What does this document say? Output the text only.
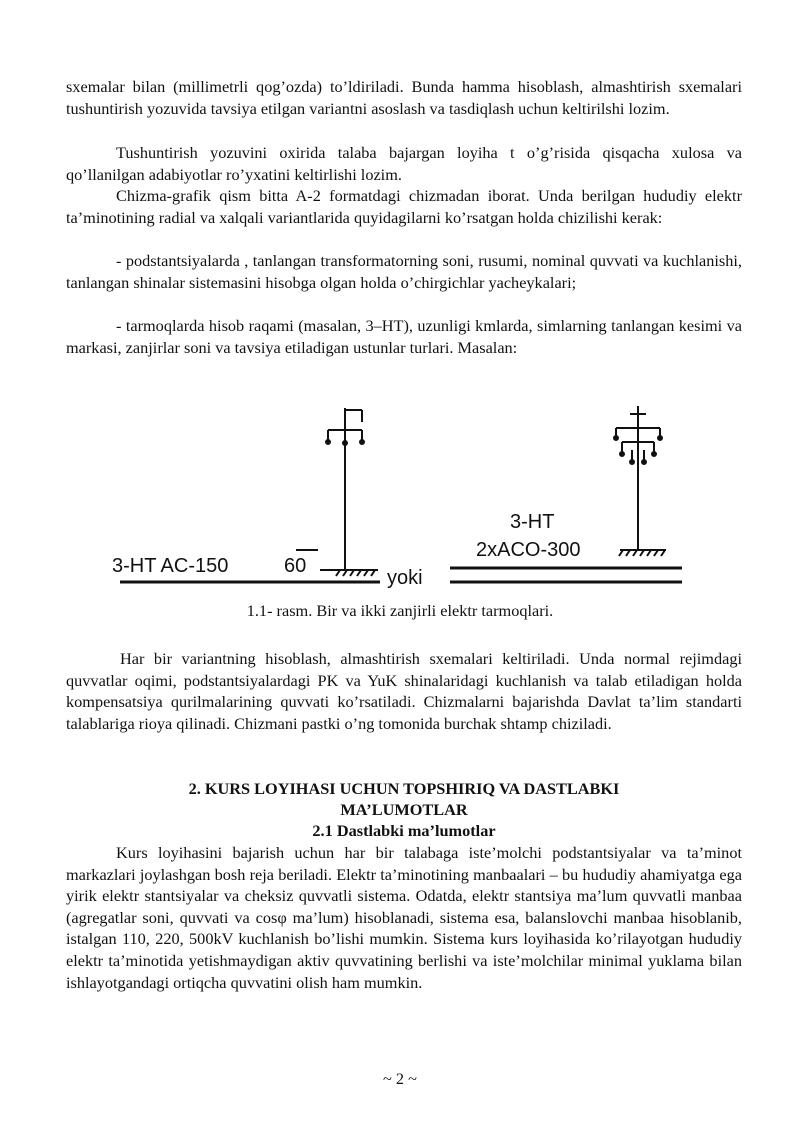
sxemalar bilan (millimetrli qog’ozda) to’ldiriladi. Bunda hamma hisoblash, almashtirish sxemalari tushuntirish yozuvida tavsiya etilgan variantni asoslash va tasdiqlash uchun keltirilshi lozim.

Tushuntirish yozuvini oxirida talaba bajargan loyiha t o’g’risida qisqacha xulosa va qo’llanilgan adabiyotlar ro’yxatini keltirlishi lozim.

Chizma-grafik qism bitta A-2 formatdagi chizmadan iborat. Unda berilgan hududiy elektr ta’minotining radial va xalqali variantlarida quyidagilarni ko’rsatgan holda chizilishi kerak:

- podstantsiyalarda , tanlangan transformatorning soni, rusumi, nominal quvvati va kuchlanishi, tanlangan shinalar sistemasini hisobga olgan holda o’chirgichlar yacheykalari;

- tarmoqlarda hisob raqami (masalan, 3–HT), uzunligi kmlarda, simlarning tanlangan kesimi va markasi, zanjirlar soni va tavsiya etiladigan ustunlar turlari. Masalan:

3-HT AC-150	60
yoki
3-HT
2xACO-300
1.1- rasm. Bir va ikki zanjirli elektr tarmoqlari.

Har bir variantning hisoblash, almashtirish sxemalari keltiriladi. Unda normal rejimdagi quvvatlar oqimi, podstantsiyalardagi PK va YuK shinalaridagi kuchlanish va talab etiladigan holda kompensatsiya qurilmalarining quvvati ko’rsatiladi. Chizmalarni bajarishda Davlat ta’lim standarti talablariga rioya qilinadi. Chizmani pastki o’ng tomonida burchak shtamp chiziladi.

2. KURS LOYIHASI UCHUN TOPSHIRIQ VA DASTLABKI
MA’LUMOTLAR
2.1 Dastlabki ma’lumotlar

Kurs loyihasini bajarish uchun har bir talabaga iste’molchi podstantsiyalar va ta’minot markazlari joylashgan bosh reja beriladi. Elektr ta’minotining manbaalari – bu hududiy ahamiyatga ega yirik elektr stantsiyalar va cheksiz quvvatli sistema. Odatda, elektr stantsiya ma’lum quvvatli manbaa (agregatlar soni, quvvati va cosφ ma’lum) hisoblanadi, sistema esa, balanslovchi manbaa hisoblanib, istalgan 110, 220, 500kV kuchlanish bo’lishi mumkin. Sistema kurs loyihasida ko’rilayotgan hududiy elektr ta’minotida yetishmaydigan aktiv quvvatining berlishi va iste’molchilar minimal yuklama bilan ishlayotgandagi ortiqcha quvvatini olish ham mumkin.

~ 2 ~
